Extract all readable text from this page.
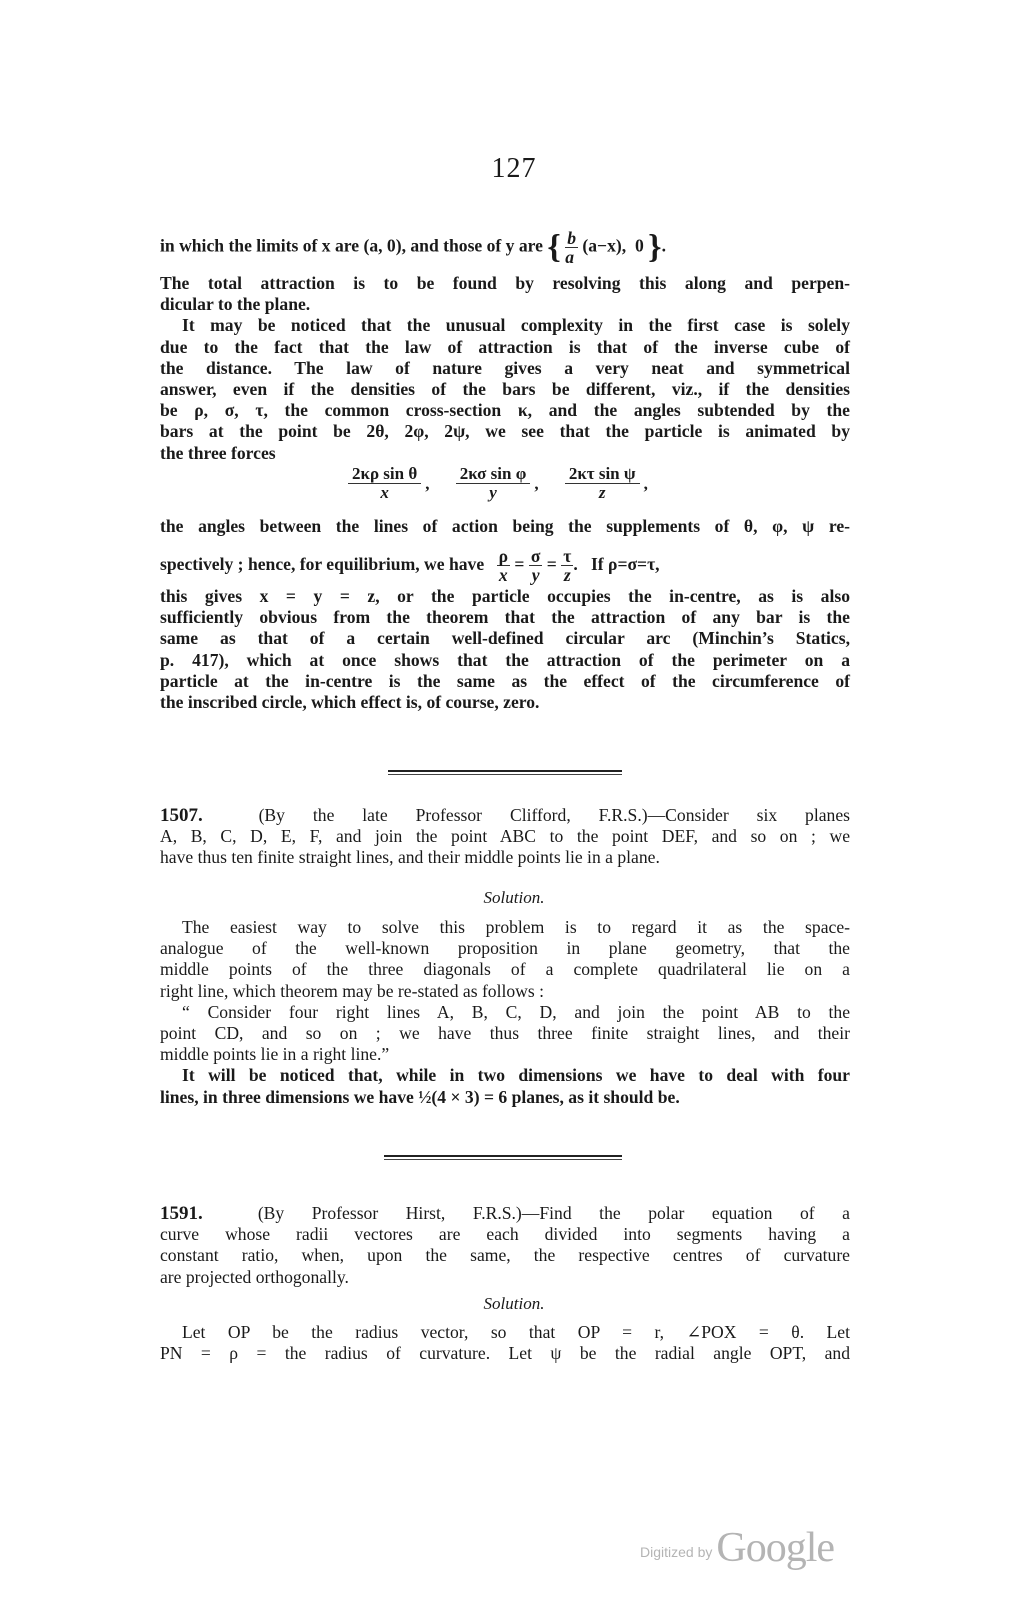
127
in which the limits of x are (a, 0), and those of y are { $\frac{b}{a} (a-x)$,  0 }.
The total attraction is to be found by resolving this along and perpen-
dicular to the plane.
It may be noticed that the unusual complexity in the first case is solely
due to the fact that the law of attraction is that of the inverse cube of
the distance. The law of nature gives a very neat and symmetrical
answer, even if the densities of the bars be different, viz., if the densities
be ρ, σ, τ, the common cross-section κ, and the angles subtended by the
bars at the point be 2θ, 2φ, 2ψ, we see that the particle is animated by
the three forces
$\frac{\text{2κρ sin θ}}{x}$ , $\frac{\text{2κσ sin φ}}{y}$ , $\frac{\text{2κτ sin ψ}}{z}$ ,
the angles between the lines of action being the supplements of θ, φ, ψ re-
spectively ; hence, for equilibrium, we have $\frac{\rho}{x} = \frac{\sigma}{y} = \frac{\tau}{z}$ .   If ρ=σ=τ,
this gives x = y = z, or the particle occupies the in-centre, as is also
sufficiently obvious from the theorem that the attraction of any bar is the
same as that of a certain well-defined circular arc (Minchin’s Statics,
p. 417), which at once shows that the attraction of the perimeter on a
particle at the in-centre is the same as the effect of the circumference of
the inscribed circle, which effect is, of course, zero.
1507.	(By the late Professor Clifford, F.R.S.)—Consider six planes
A, B, C, D, E, F, and join the point ABC to the point DEF, and so on ; we
have thus ten finite straight lines, and their middle points lie in a plane.
Solution.
The easiest way to solve this problem is to regard it as the space-
analogue of the well-known proposition in plane geometry, that the
middle points of the three diagonals of a complete quadrilateral lie on a
right line, which theorem may be re-stated as follows :
“ Consider four right lines A, B, C, D, and join the point AB to the
point CD, and so on ; we have thus three finite straight lines, and their
middle points lie in a right line.”
It will be noticed that, while in two dimensions we have to deal with four
lines, in three dimensions we have ½(4 × 3) = 6 planes, as it should be.
1591.	(By Professor Hirst, F.R.S.)—Find the polar equation of a
curve whose radii vectores are each divided into segments having a
constant ratio, when, upon the same, the respective centres of curvature
are projected orthogonally.
Solution.
Let OP be the radius vector, so that OP = r, ∠POX = θ. Let
PN = ρ = the radius of curvature. Let ψ be the radial angle OPT, and
Digitized by Google
